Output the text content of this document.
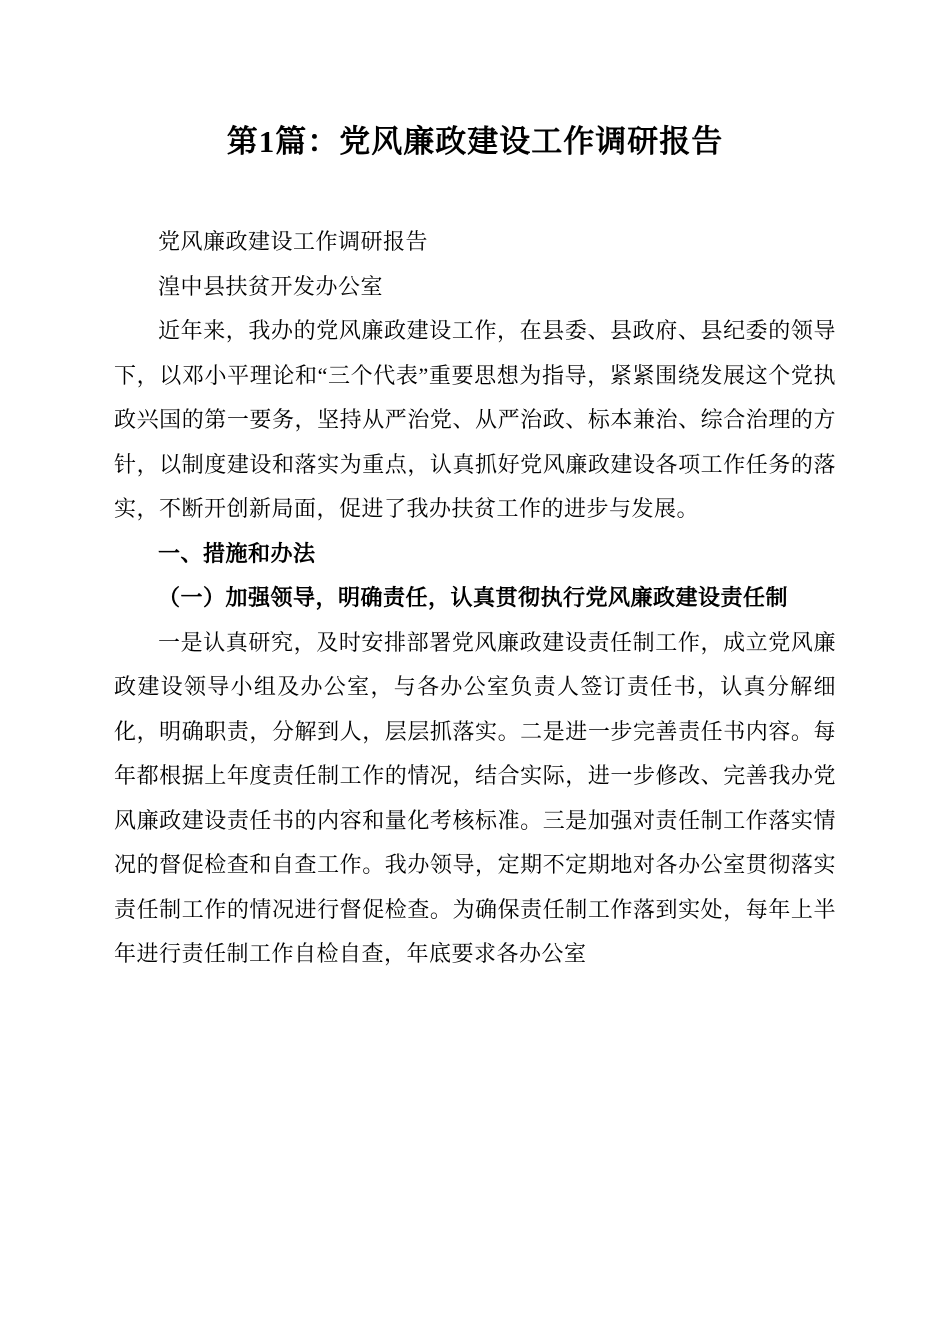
第1篇：党风廉政建设工作调研报告

党风廉政建设工作调研报告

湟中县扶贫开发办公室

近年来，我办的党风廉政建设工作，在县委、县政府、县纪委的领导下，以邓小平理论和“三个代表”重要思想为指导，紧紧围绕发展这个党执政兴国的第一要务，坚持从严治党、从严治政、标本兼治、综合治理的方针，以制度建设和落实为重点，认真抓好党风廉政建设各项工作任务的落实，不断开创新局面，促进了我办扶贫工作的进步与发展。

一、措施和办法

（一）加强领导，明确责任，认真贯彻执行党风廉政建设责任制

一是认真研究，及时安排部署党风廉政建设责任制工作，成立党风廉政建设领导小组及办公室，与各办公室负责人签订责任书，认真分解细化，明确职责，分解到人，层层抓落实。二是进一步完善责任书内容。每年都根据上年度责任制工作的情况，结合实际，进一步修改、完善我办党风廉政建设责任书的内容和量化考核标准。三是加强对责任制工作落实情况的督促检查和自查工作。我办领导，定期不定期地对各办公室贯彻落实责任制工作的情况进行督促检查。为确保责任制工作落到实处，每年上半年进行责任制工作自检自查，年底要求各办公室
